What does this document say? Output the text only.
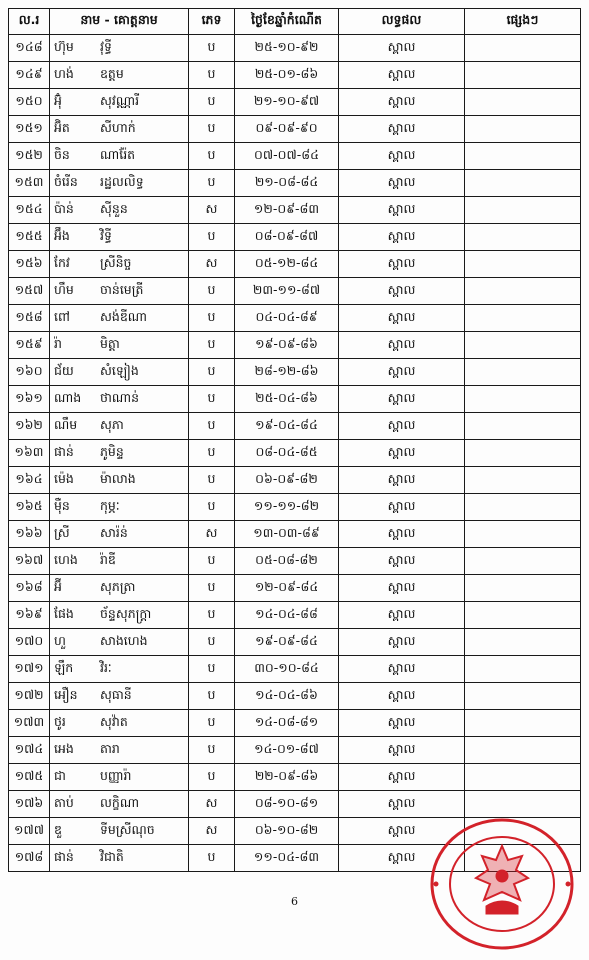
ល.រ	នាម - គោត្តនាម	ភេទ	ថ្ងៃខែឆ្នាំកំណើត	លទ្ធផល	ផ្សេងៗ
១៤៨	ហ៊ុម វុទ្ធី	ប	២៥-១០-៩២	ស្ពាល	
១៤៩	ហង់ ឧត្តម	ប	២៥-០១-៨៦	ស្ពាល	
១៥០	អ៊ុំ សុវណ្ណារី	ប	២១-១០-៩៧	ស្ពាល	
១៥១	អ៊ិត សីហាក់	ប	០៩-០៩-៩០	ស្ពាល	
១៥២	ចិន ណារ៉ែត	ប	០៧-០៧-៨៤	ស្ពាល	
១៥៣	ចំរើន រដ្ឋលលិទ្ធ	ប	២១-០៨-៨៤	ស្ពាល	
១៥៤	ប៉ាន់ ស៊ីនួន	ស	១២-០៩-៨៣	ស្ពាល	
១៥៥	អ៊ឹង វិទ្ធី	ប	០៨-០៩-៨៧	ស្ពាល	
១៥៦	កែវ ស្រីនិច្ច	ស	០៥-១២-៨៤	ស្ពាល	
១៥៧	ហឹម ចាន់មេត្រី	ប	២៣-១១-៨៧	ស្ពាល	
១៥៨	ពៅ សង់ឌីណា	ប	០៤-០៤-៨៩	ស្ពាល	
១៥៩	រ៉ា មិត្តា	ប	១៩-០៩-៨៦	ស្ពាល	
១៦០	ជ័យ សំឡៀង	ប	២៨-១២-៨៦	ស្ពាល	
១៦១	ណាង ថាណាន់	ប	២៥-០៤-៨៦	ស្ពាល	
១៦២	ណឹម សុភា	ប	១៩-០៤-៨៤	ស្ពាល	
១៦៣	ផាន់ ភូមិន្ទ	ប	០៨-០៤-៨៥	ស្ពាល	
១៦៤	ម៉េង ម៉ាលាង	ប	០៦-០៩-៨២	ស្ពាល	
១៦៥	ម៉ឺន កុម្ភៈ	ប	១១-១១-៨២	ស្ពាល	
១៦៦	ស្រី សារ៉ន់	ស	១៣-០៣-៨៩	ស្ពាល	
១៦៧	ហេង រ៉ាឌី	ប	០៥-០៨-៨២	ស្ពាល	
១៦៨	អ៊ី សុភត្រា	ប	១២-០៩-៨៤	ស្ពាល	
១៦៩	ផែង ច័ន្ទសុភក្ត្រា	ប	១៤-០៤-៨៨	ស្ពាល	
១៧០	ហួ សាងហេង	ប	១៩-០៩-៨៤	ស្ពាល	
១៧១	ឡឹក វិរៈ	ប	៣០-១០-៨៤	ស្ពាល	
១៧២	អឿន សុធានី	ប	១៤-០៤-៨៦	ស្ពាល	
១៧៣	ថូរ សុវ៉ាត	ប	១៤-០៨-៨១	ស្ពាល	
១៧៤	អេង តារា	ប	១៤-០១-៨៧	ស្ពាល	
១៧៥	ជា បញ្ញារ៉ា	ប	២២-០៩-៨៦	ស្ពាល	
១៧៦	តាប់ លក្ខិណា	ស	០៨-១០-៨១	ស្ពាល	
១៧៧	ឌួ ទីមស្រីណុច	ស	០៦-១០-៨២	ស្ពាល	
១៧៨	ផាន់ វិជាតិ	ប	១១-០៤-៨៣	ស្ពាល	
6
